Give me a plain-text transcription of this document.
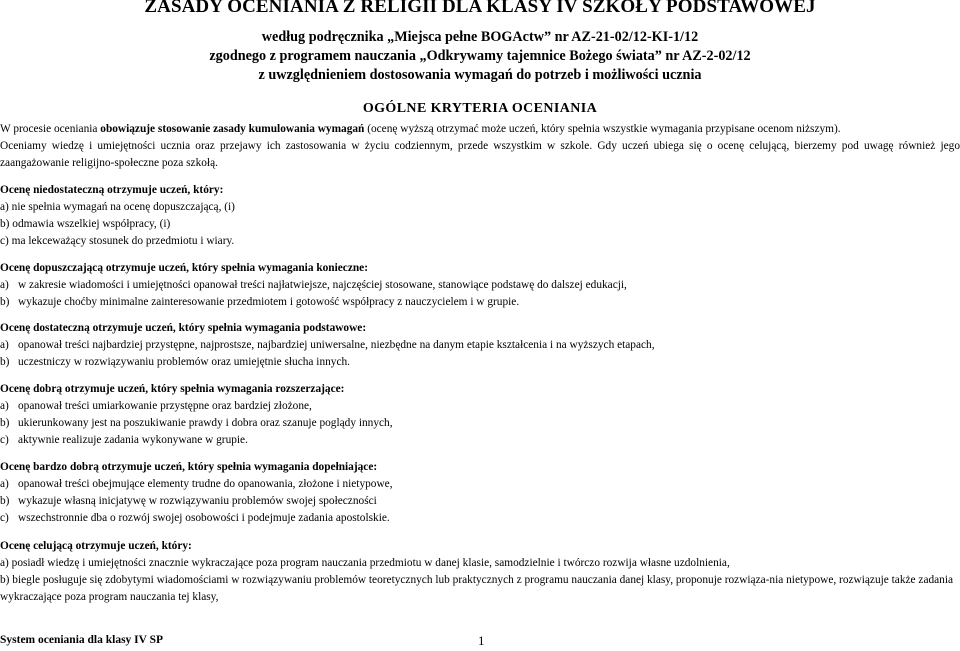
ZASADY OCENIANIA Z RELIGII DLA KLASY IV SZKOŁY PODSTAWOWEJ
według podręcznika „Miejsca pełne BOGActw” nr AZ-21-02/12-KI-1/12
zgodnego z programem nauczania „Odkrywamy tajemnice Bożego świata” nr AZ-2-02/12
z uwzględnieniem dostosowania wymagań do potrzeb i możliwości ucznia
OGÓLNE KRYTERIA OCENIANIA

W procesie oceniania obowiązuje stosowanie zasady kumulowania wymagań (ocenę wyższą otrzymać może uczeń, który spełnia wszystkie wymagania przypisane ocenom niższym).

Oceniamy wiedzę i umiejętności ucznia oraz przejawy ich zastosowania w życiu codziennym, przede wszystkim w szkole. Gdy uczeń ubiega się o ocenę celującą, bierzemy pod uwagę również jego zaangażowanie religijno-społeczne poza szkołą.

Ocenę niedostateczną otrzymuje uczeń, który:
a) nie spełnia wymagań na ocenę dopuszczającą, (i)
b) odmawia wszelkiej współpracy, (i)
c) ma lekceważący stosunek do przedmiotu i wiary.
Ocenę dopuszczającą otrzymuje uczeń, który spełnia wymagania konieczne:
a) w zakresie wiadomości i umiejętności opanował treści najłatwiejsze, najczęściej stosowane, stanowiące podstawę do dalszej edukacji,
b) wykazuje choćby minimalne zainteresowanie przedmiotem i gotowość współpracy z nauczycielem i w grupie.
Ocenę dostateczną otrzymuje uczeń, który spełnia wymagania podstawowe:
a) opanował treści najbardziej przystępne, najprostsze, najbardziej uniwersalne, niezbędne na danym etapie kształcenia i na wyższych etapach,
b) uczestniczy w rozwiązywaniu problemów oraz umiejętnie słucha innych.
Ocenę dobrą otrzymuje uczeń, który spełnia wymagania rozszerzające:
a) opanował treści umiarkowanie przystępne oraz bardziej złożone,
b) ukierunkowany jest na poszukiwanie prawdy i dobra oraz szanuje poglądy innych,
c) aktywnie realizuje zadania wykonywane w grupie.
Ocenę bardzo dobrą otrzymuje uczeń, który spełnia wymagania dopełniające:
a) opanował treści obejmujące elementy trudne do opanowania, złożone i nietypowe,
b) wykazuje własną inicjatywę w rozwiązywaniu problemów swojej społeczności
c) wszechstronnie dba o rozwój swojej osobowości i podejmuje zadania apostolskie.
Ocenę celującą otrzymuje uczeń, który:
a) posiadł wiedzę i umiejętności znacznie wykraczające poza program nauczania przedmiotu w danej klasie, samodzielnie i twórczo rozwija własne uzdolnienia,
b) biegle posługuje się zdobytymi wiadomościami w rozwiązywaniu problemów teoretycznych lub praktycznych z programu nauczania danej klasy, proponuje rozwiąza-nia nietypowe, rozwiązuje także zadania wykraczające poza program nauczania tej klasy,
System oceniania dla klasy IV SP	1
